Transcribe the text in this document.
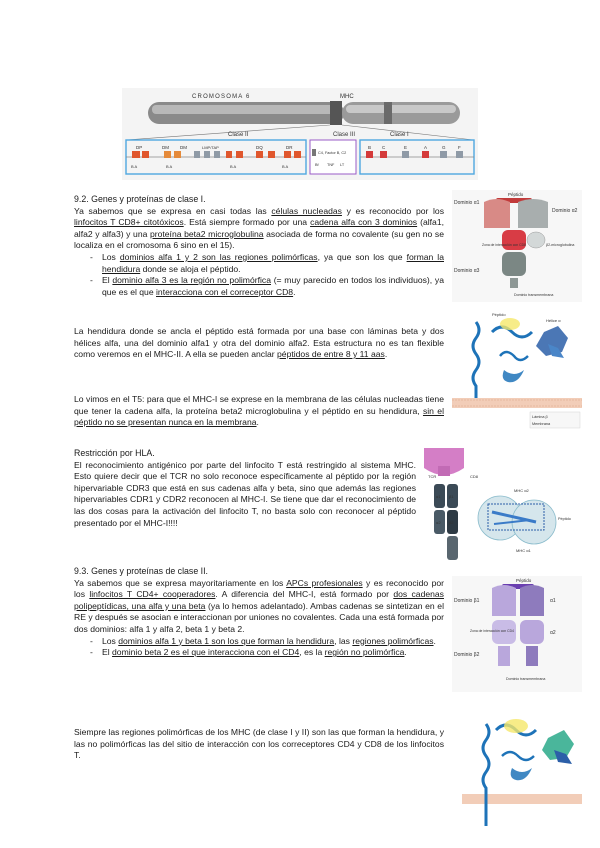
CROMOSOMA 6	MHC
Clase II	Clase III	Clase I
DP	DM DM	LMP/TAP	DQ	DR
B A	B A	B A	B A
C4, Factor B, C2
Bf TNF LT
B C	E	A	G	F

9.2. Genes y proteínas de clase I.

Ya sabemos que se expresa en casi todas las células nucleadas y es reconocido por los linfocitos T CD8+ citotóxicos. Está siempre formado por una cadena alfa con 3 dominios (alfa1, alfa2 y alfa3) y una proteína beta2 microglobulina asociada de forma no covalente (su gen no se localiza en el cromosoma 6 sino en el 15).

- Los dominios alfa 1 y 2 son las regiones polimórficas, ya que son los que forman la hendidura donde se aloja el péptido.
- El dominio alfa 3 es la región no polimórfica (= muy parecido en todos los individuos), ya que es el que interacciona con el correceptor CD8.

La hendidura donde se ancla el péptido está formada por una base con láminas beta y dos hélices alfa, una del dominio alfa1 y otra del dominio alfa2. Esta estructura no es tan flexible como veremos en el MHC-II. A ella se pueden anclar péptidos de entre 8 y 11 aas.

Lo vimos en el T5: para que el MHC-I se exprese en la membrana de las células nucleadas tiene que tener la cadena alfa, la proteína beta2 microglobulina y el péptido en su hendidura, sin el péptido no se presentan nunca en la membrana.

Restricción por HLA.

El reconocimiento antigénico por parte del linfocito T está restringido al sistema MHC. Esto quiere decir que el TCR no solo reconoce específicamente al péptido por la región hipervariable CDR3 que está en sus cadenas alfa y beta, sino que además las regiones hipervariables CDR1 y CDR2 reconocen al MHC-I. Se tiene que dar el reconocimiento de las dos cosas para la activación del linfocito T, no basta solo con reconocer al péptido presentado por el MHC-I!!!!

9.3. Genes y proteínas de clase II.

Ya sabemos que se expresa mayoritariamente en los APCs profesionales y es reconocido por los linfocitos T CD4+ cooperadores. A diferencia del MHC-I, está formado por dos cadenas polipeptídicas, una alfa y una beta (ya lo hemos adelantado). Ambas cadenas se sintetizan en el RE y después se asocian e interaccionan por uniones no covalentes. Cada una está formada por dos dominios: alfa 1 y alfa 2, beta 1 y beta 2.

- Los dominios alfa 1 y beta 1 son los que forman la hendidura, las regiones polimórficas.
- El dominio beta 2 es el que interacciona con el CD4, es la región no polimórfica.

Siempre las regiones polimórficas de los MHC (de clase I y II) son las que forman la hendidura, y las no polimórficas las del sitio de interacción con los correceptores CD4 y CD8 de los linfocitos T.

Péptido
Dominio α1
Dominio α2
Dominio α3
β2-microglobulina
Zona de interacción con CD8
Dominio transmembrana
Péptido
Hélice α
Lámina β
Membrana
TCR	CD8
α1 β1
α2 β2
MHC α2
MHC α1
Péptido
Péptido
Dominio β1	α1
α2
Dominio β2
Zona de interacción con CD4
Dominio transmembrana
